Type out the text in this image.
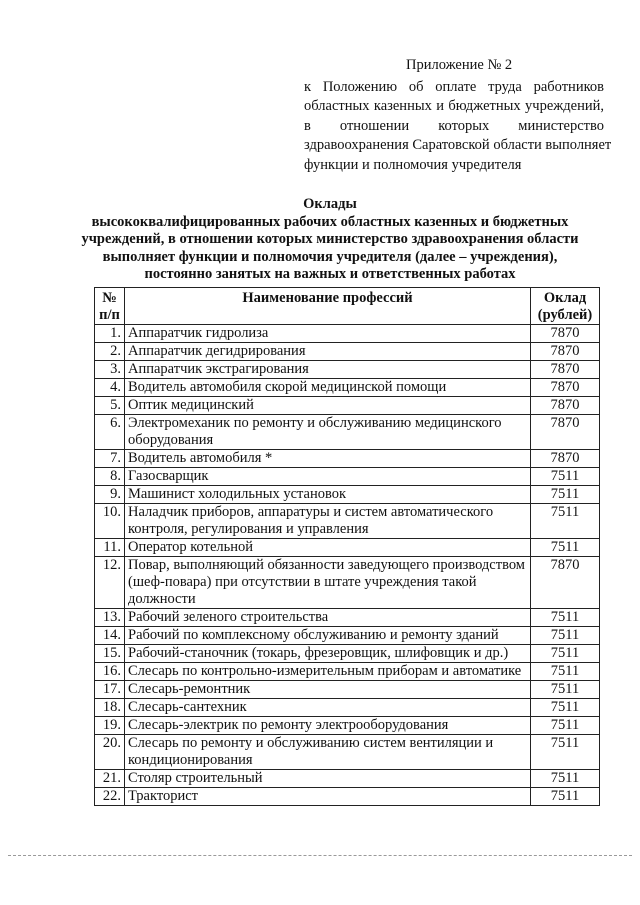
Приложение № 2
к Положению об оплате труда работников
областных казенных и бюджетных учреждений,
в отношении которых министерство
здравоохранения Саратовской области выполняет
функции и полномочия учредителя
Оклады
высококвалифицированных рабочих областных казенных и бюджетных
учреждений, в отношении которых министерство здравоохранения области
выполняет функции и полномочия учредителя (далее – учреждения),
постоянно занятых на важных и ответственных работах
№ п/п	Наименование профессий	Оклад (рублей)
1.	Аппаратчик гидролиза	7870
2.	Аппаратчик дегидрирования	7870
3.	Аппаратчик экстрагирования	7870
4.	Водитель автомобиля скорой медицинской помощи	7870
5.	Оптик медицинский	7870
6.	Электромеханик по ремонту и обслуживанию медицинского оборудования	7870
7.	Водитель автомобиля *	7870
8.	Газосварщик	7511
9.	Машинист холодильных установок	7511
10.	Наладчик приборов, аппаратуры и систем автоматического контроля, регулирования и управления	7511
11.	Оператор котельной	7511
12.	Повар, выполняющий обязанности заведующего производством (шеф-повара) при отсутствии в штате учреждения такой должности	7870
13.	Рабочий зеленого строительства	7511
14.	Рабочий по комплексному обслуживанию и ремонту зданий	7511
15.	Рабочий-станочник (токарь, фрезеровщик, шлифовщик и др.)	7511
16.	Слесарь по контрольно-измерительным приборам и автоматике	7511
17.	Слесарь-ремонтник	7511
18.	Слесарь-сантехник	7511
19.	Слесарь-электрик по ремонту электрооборудования	7511
20.	Слесарь по ремонту и обслуживанию систем вентиляции и кондиционирования	7511
21.	Столяр строительный	7511
22.	Тракторист	7511
